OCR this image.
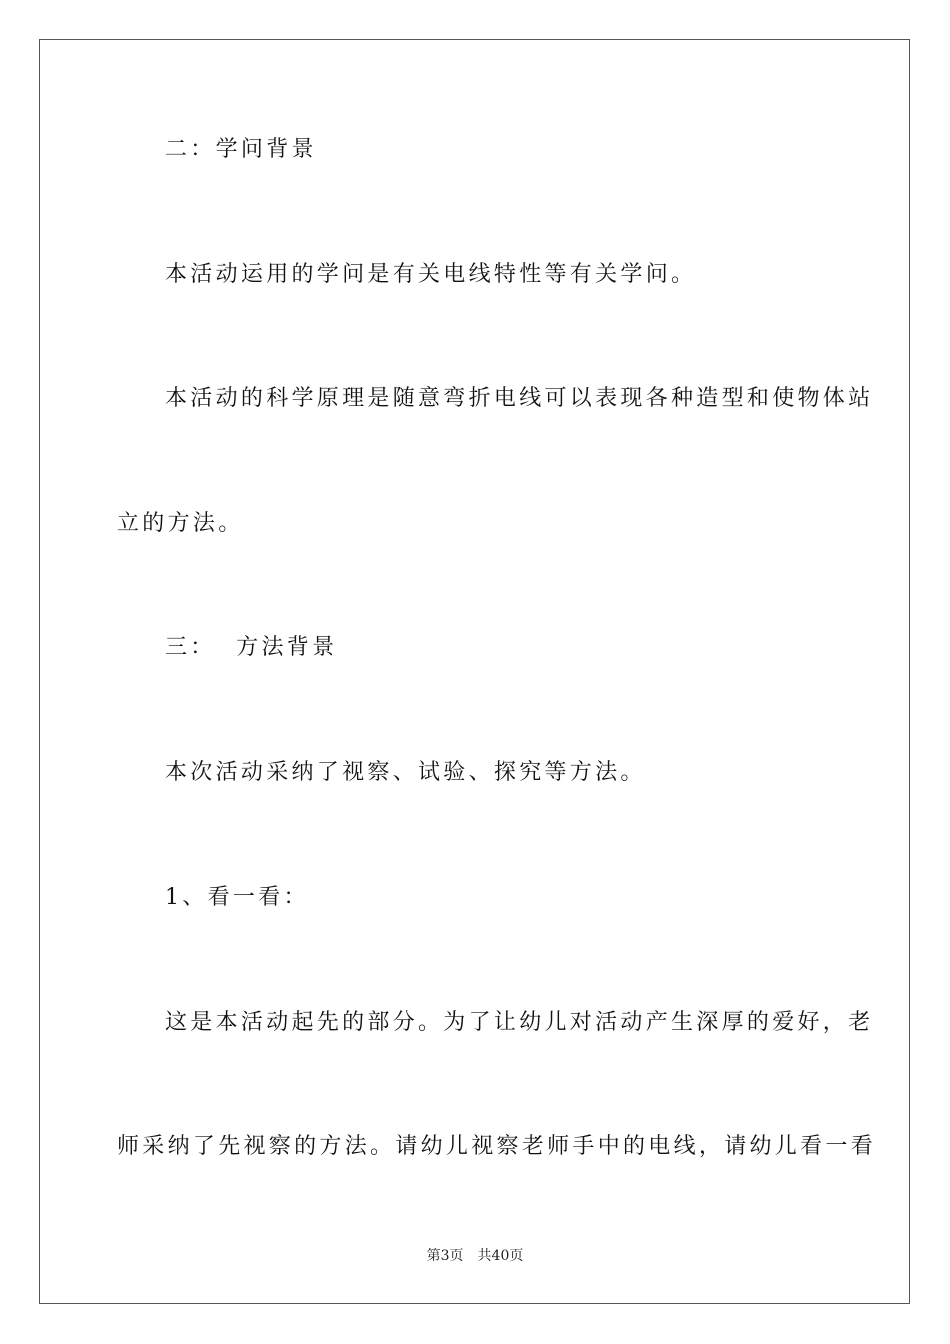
二：学问背景
本活动运用的学问是有关电线特性等有关学问。
本活动的科学原理是随意弯折电线可以表现各种造型和使物体站
立的方法。
三：  方法背景
本次活动采纳了视察、试验、探究等方法。
1、看一看：
这是本活动起先的部分。为了让幼儿对活动产生深厚的爱好，老
师采纳了先视察的方法。请幼儿视察老师手中的电线，请幼儿看一看
第3页 共40页
